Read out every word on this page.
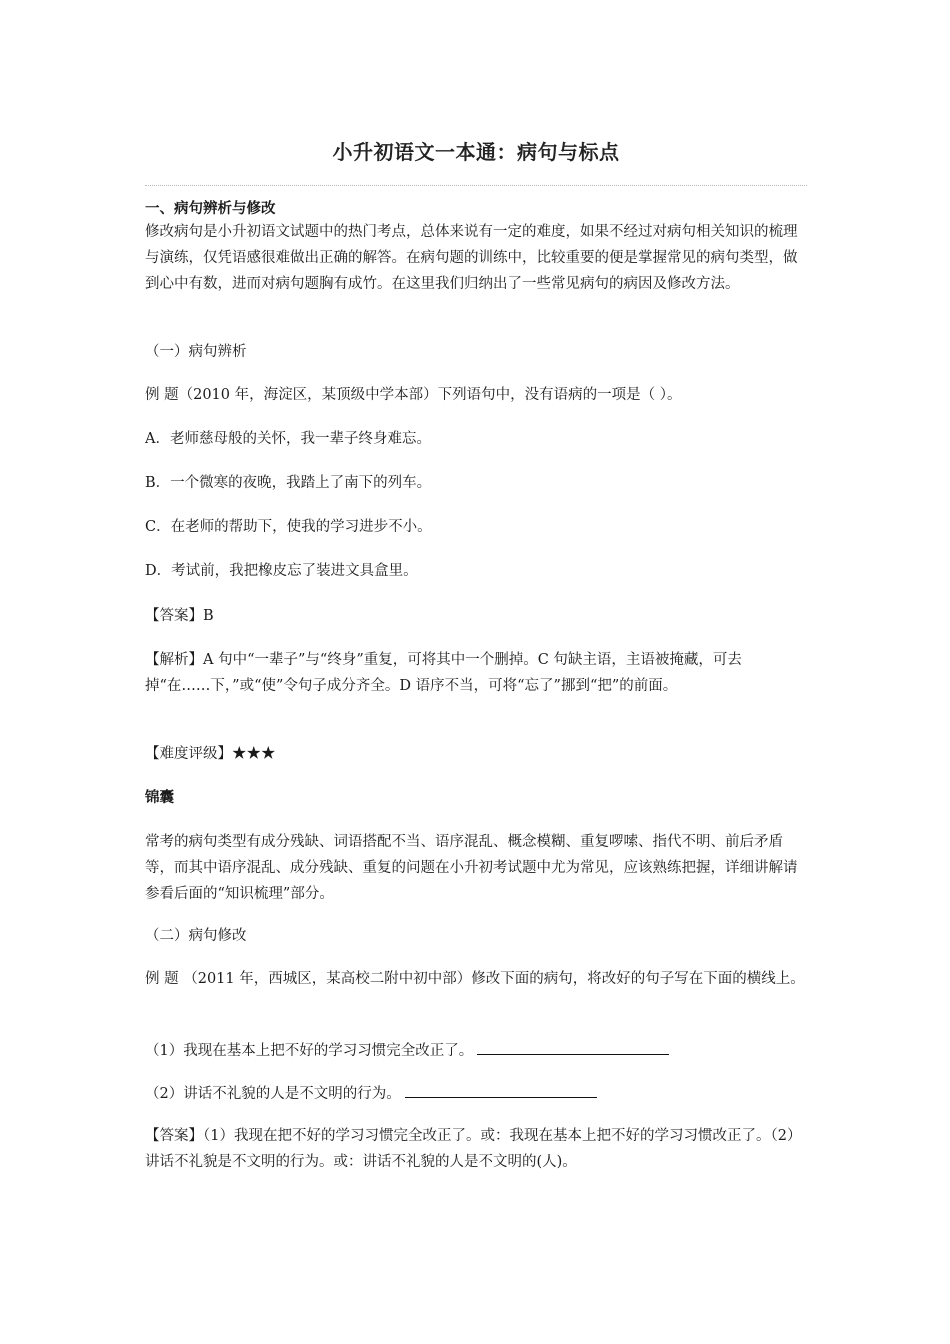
小升初语文一本通：病句与标点
一、病句辨析与修改
修改病句是小升初语文试题中的热门考点，总体来说有一定的难度，如果不经过对病句相关知识的梳理与演练，仅凭语感很难做出正确的解答。在病句题的训练中，比较重要的便是掌握常见的病句类型，做到心中有数，进而对病句题胸有成竹。在这里我们归纳出了一些常见病句的病因及修改方法。
（一）病句辨析
例 题（2010 年，海淀区，某顶级中学本部）下列语句中，没有语病的一项是（ ）。
A．老师慈母般的关怀，我一辈子终身难忘。
B．一个微寒的夜晚，我踏上了南下的列车。
C．在老师的帮助下，使我的学习进步不小。
D．考试前，我把橡皮忘了装进文具盒里。
【答案】B
【解析】A 句中“一辈子”与“终身”重复，可将其中一个删掉。C 句缺主语，主语被掩藏，可去掉“在……下，”或“使”令句子成分齐全。D 语序不当，可将“忘了”挪到“把”的前面。
【难度评级】★★★
锦囊
常考的病句类型有成分残缺、词语搭配不当、语序混乱、概念模糊、重复啰嗦、指代不明、前后矛盾等，而其中语序混乱、成分残缺、重复的问题在小升初考试题中尤为常见，应该熟练把握，详细讲解请参看后面的“知识梳理”部分。
（二）病句修改
例 题 （2011 年，西城区，某高校二附中初中部）修改下面的病句，将改好的句子写在下面的横线上。
（1）我现在基本上把不好的学习习惯完全改正了。
（2）讲话不礼貌的人是不文明的行为。
【答案】（1）我现在把不好的学习习惯完全改正了。或：我现在基本上把不好的学习习惯改正了。（2）讲话不礼貌是不文明的行为。或：讲话不礼貌的人是不文明的(人)。
